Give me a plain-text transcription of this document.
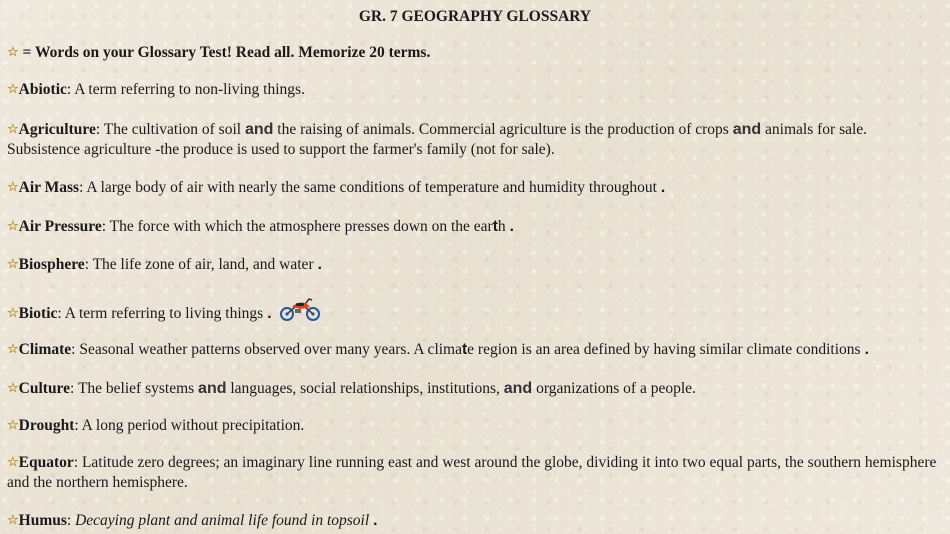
GR. 7 GEOGRAPHY GLOSSARY
☆ = Words on your Glossary Test! Read all. Memorize 20 terms.
☆Abiotic: A term referring to non-living things.
☆Agriculture: The cultivation of soil and the raising of animals. Commercial agriculture is the production of crops and animals for sale. Subsistence agriculture -the produce is used to support the farmer's family (not for sale).
☆Air Mass: A large body of air with nearly the same conditions of temperature and humidity throughout .
☆Air Pressure: The force with which the atmosphere presses down on the earth .
☆Biosphere: The life zone of air, land, and water .
☆Biotic: A term referring to living things .
☆Climate: Seasonal weather patterns observed over many years. A climate region is an area defined by having similar climate conditions .
☆Culture: The belief systems and languages, social relationships, institutions, and organizations of a people.
☆Drought: A long period without precipitation.
☆Equator: Latitude zero degrees; an imaginary line running east and west around the globe, dividing it into two equal parts, the southern hemisphere and the northern hemisphere.
☆Humus: Decaying plant and animal life found in topsoil .
